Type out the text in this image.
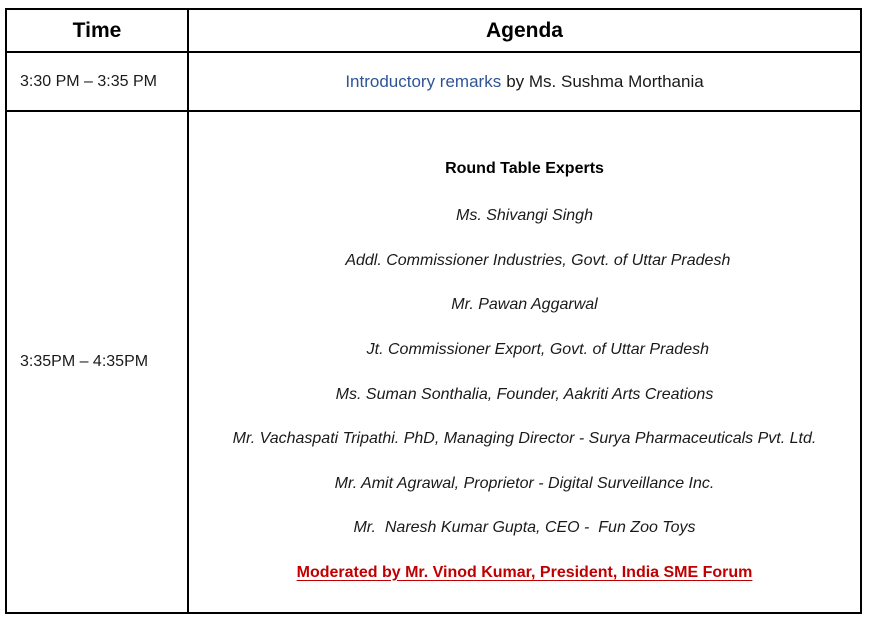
Time	Agenda
3:30 PM – 3:35 PM	Introductory remarks by Ms. Sushma Morthania
3:35PM – 4:35PM

Round Table Experts

Ms. Shivangi Singh

Addl. Commissioner Industries, Govt. of Uttar Pradesh

Mr. Pawan Aggarwal

Jt. Commissioner Export, Govt. of Uttar Pradesh

Ms. Suman Sonthalia, Founder, Aakriti Arts Creations

Mr. Vachaspati Tripathi. PhD, Managing Director - Surya Pharmaceuticals Pvt. Ltd.

Mr. Amit Agrawal, Proprietor - Digital Surveillance Inc.

Mr.  Naresh Kumar Gupta, CEO -  Fun Zoo Toys

Moderated by Mr. Vinod Kumar, President, India SME Forum
